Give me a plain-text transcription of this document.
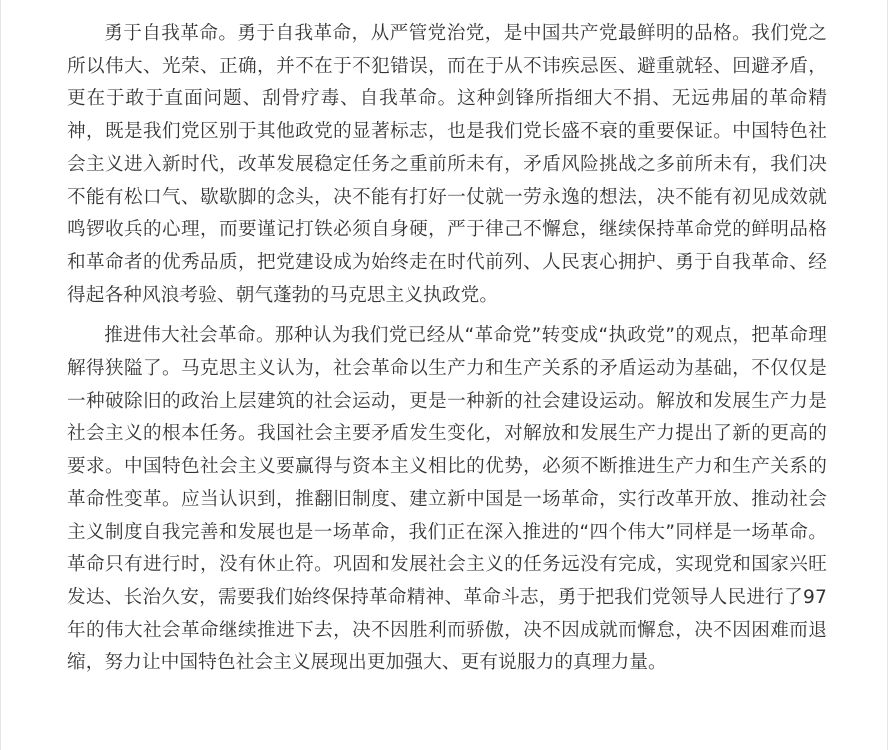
勇于自我革命。勇于自我革命，从严管党治党，是中国共产党最鲜明的品格。我们党之所以伟大、光荣、正确，并不在于不犯错误，而在于从不讳疾忌医、避重就轻、回避矛盾，更在于敢于直面问题、刮骨疗毒、自我革命。这种剑锋所指细大不捐、无远弗届的革命精神，既是我们党区别于其他政党的显著标志，也是我们党长盛不衰的重要保证。中国特色社会主义进入新时代，改革发展稳定任务之重前所未有，矛盾风险挑战之多前所未有，我们决不能有松口气、歇歇脚的念头，决不能有打好一仗就一劳永逸的想法，决不能有初见成效就鸣锣收兵的心理，而要谨记打铁必须自身硬，严于律己不懈怠，继续保持革命党的鲜明品格和革命者的优秀品质，把党建设成为始终走在时代前列、人民衷心拥护、勇于自我革命、经得起各种风浪考验、朝气蓬勃的马克思主义执政党。

推进伟大社会革命。那种认为我们党已经从“革命党”转变成“执政党”的观点，把革命理解得狭隘了。马克思主义认为，社会革命以生产力和生产关系的矛盾运动为基础，不仅仅是一种破除旧的政治上层建筑的社会运动，更是一种新的社会建设运动。解放和发展生产力是社会主义的根本任务。我国社会主要矛盾发生变化，对解放和发展生产力提出了新的更高的要求。中国特色社会主义要赢得与资本主义相比的优势，必须不断推进生产力和生产关系的革命性变革。应当认识到，推翻旧制度、建立新中国是一场革命，实行改革开放、推动社会主义制度自我完善和发展也是一场革命，我们正在深入推进的“四个伟大”同样是一场革命。革命只有进行时，没有休止符。巩固和发展社会主义的任务远没有完成，实现党和国家兴旺发达、长治久安，需要我们始终保持革命精神、革命斗志，勇于把我们党领导人民进行了97年的伟大社会革命继续推进下去，决不因胜利而骄傲，决不因成就而懈怠，决不因困难而退缩，努力让中国特色社会主义展现出更加强大、更有说服力的真理力量。
